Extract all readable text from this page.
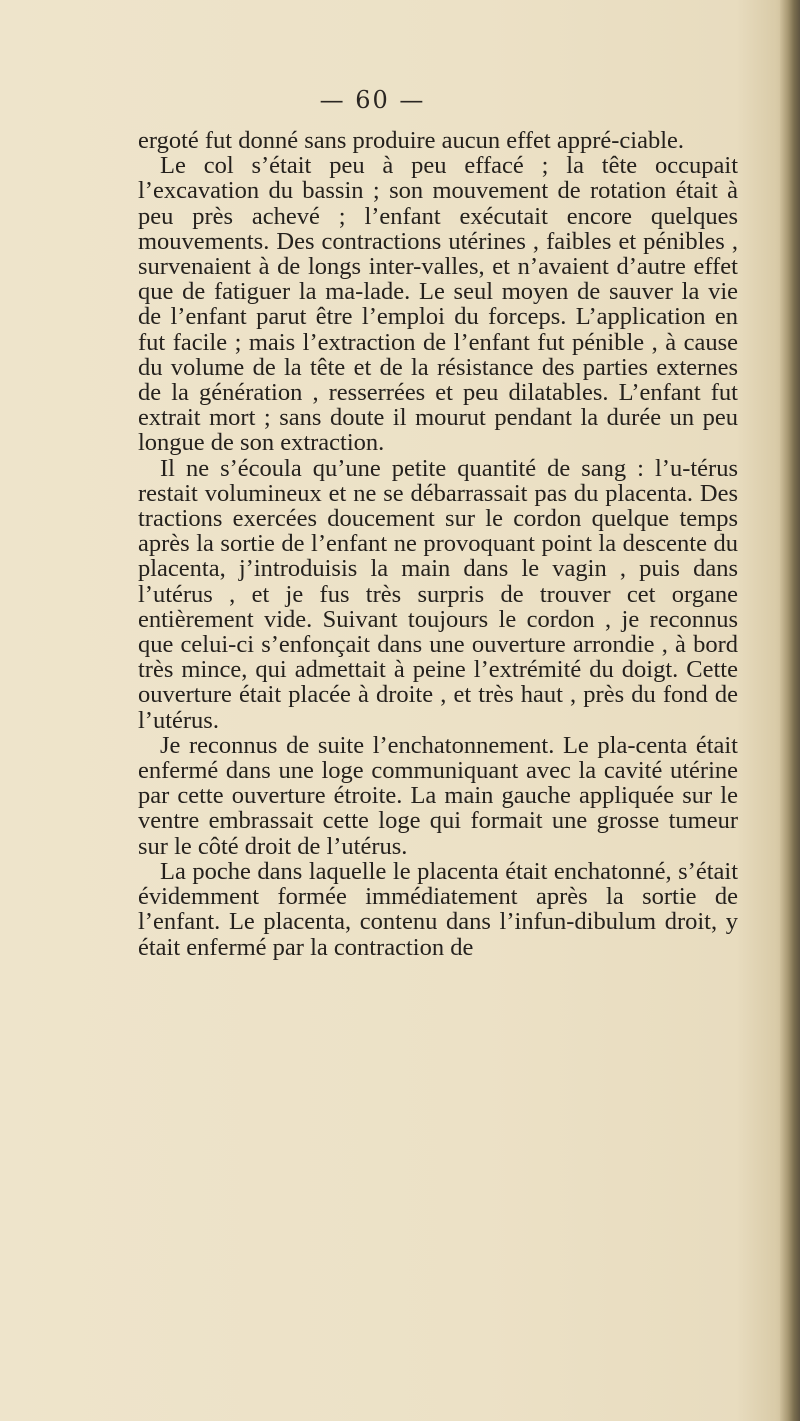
— 60 —

ergoté fut donné sans produire aucun effet appré-ciable.

Le col s’était peu à peu effacé ; la tête occupait l’excavation du bassin ; son mouvement de rotation était à peu près achevé ; l’enfant exécutait encore quelques mouvements. Des contractions utérines , faibles et pénibles , survenaient à de longs inter-valles, et n’avaient d’autre effet que de fatiguer la ma-lade. Le seul moyen de sauver la vie de l’enfant parut être l’emploi du forceps. L’application en fut facile ; mais l’extraction de l’enfant fut pénible , à cause du volume de la tête et de la résistance des parties externes de la génération , resserrées et peu dilatables. L’enfant fut extrait mort ; sans doute il mourut pendant la durée un peu longue de son extraction.

Il ne s’écoula qu’une petite quantité de sang : l’u-térus restait volumineux et ne se débarrassait pas du placenta. Des tractions exercées doucement sur le cordon quelque temps après la sortie de l’enfant ne provoquant point la descente du placenta, j’introduisis la main dans le vagin , puis dans l’utérus , et je fus très surpris de trouver cet organe entièrement vide. Suivant toujours le cordon , je reconnus que celui-ci s’enfonçait dans une ouverture arrondie , à bord très mince, qui admettait à peine l’extrémité du doigt. Cette ouverture était placée à droite , et très haut , près du fond de l’utérus.

Je reconnus de suite l’enchatonnement. Le pla-centa était enfermé dans une loge communiquant avec la cavité utérine par cette ouverture étroite. La main gauche appliquée sur le ventre embrassait cette loge qui formait une grosse tumeur sur le côté droit de l’utérus.

La poche dans laquelle le placenta était enchatonné, s’était évidemment formée immédiatement après la sortie de l’enfant. Le placenta, contenu dans l’infun-dibulum droit, y était enfermé par la contraction de
